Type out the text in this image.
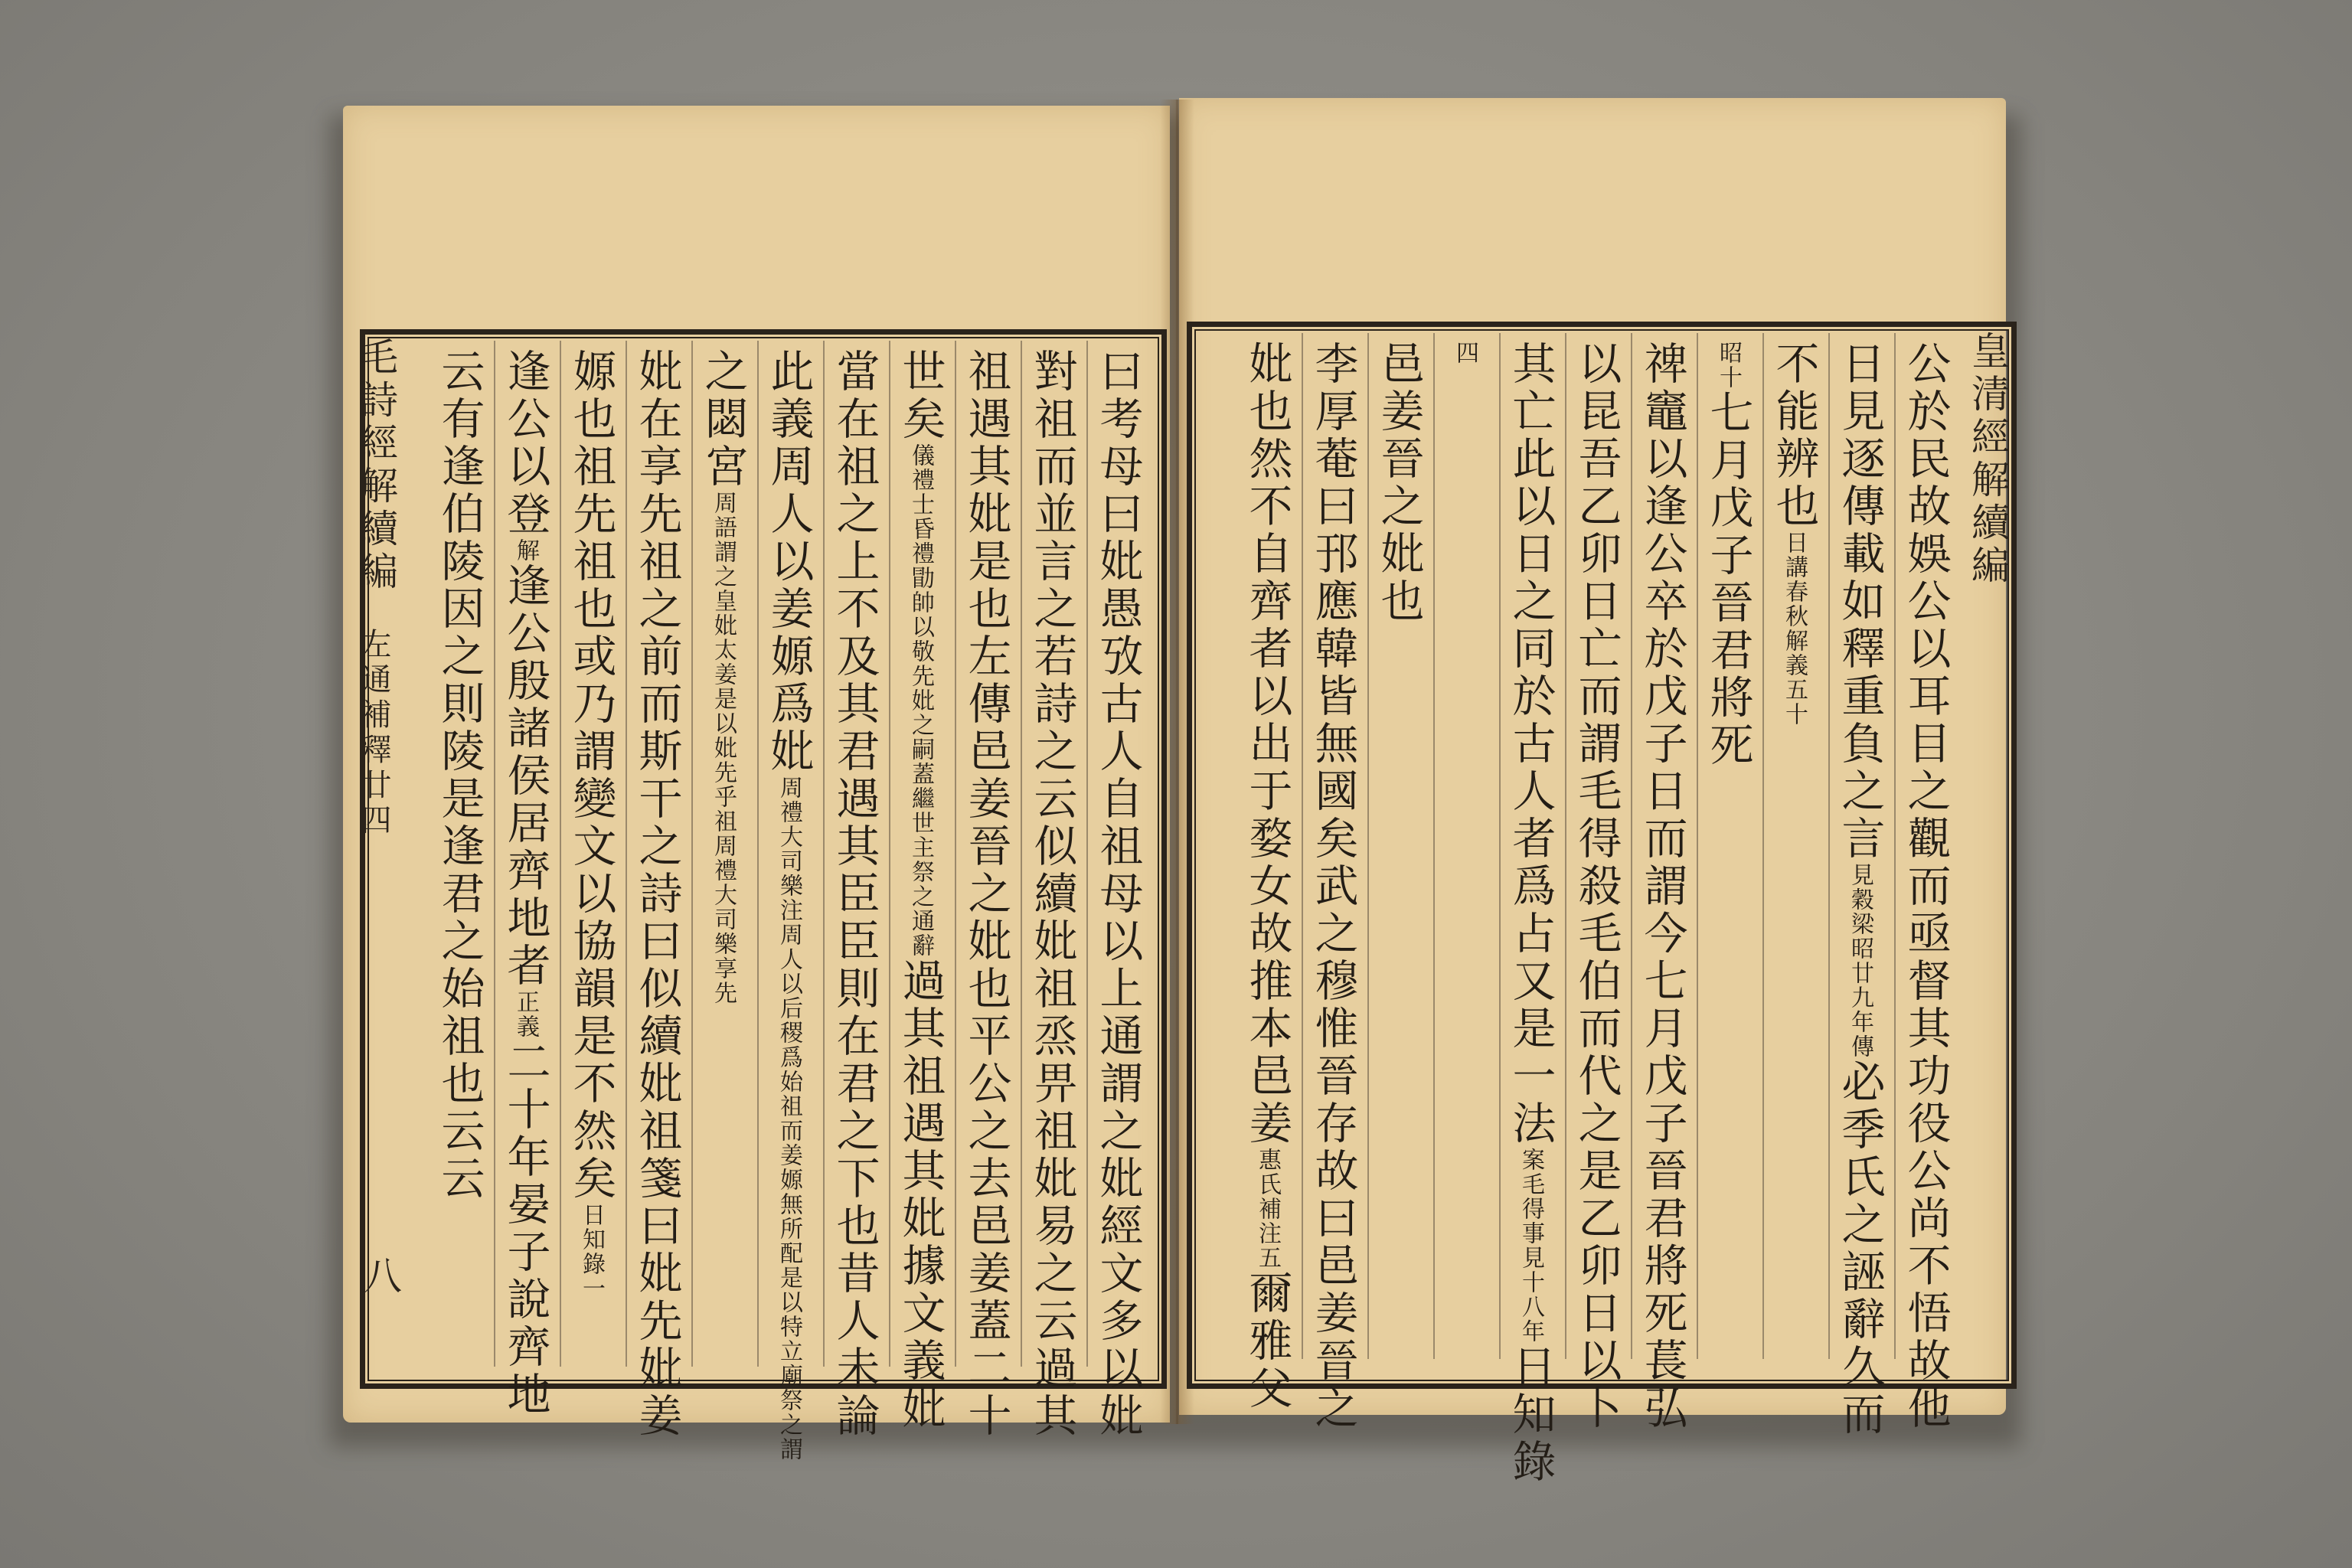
曰考母曰妣愚攷古人自祖母以上通謂之妣經文多以妣
對祖而並言之若詩之云似續妣祖烝畀祖妣易之云過其
祖遇其妣是也左傳邑姜晉之妣也平公之去邑姜蓋二十
世矣儀禮士昏禮勖帥以敬先妣之嗣蓋繼世主祭之通辭過其祖遇其妣據文義妣
當在祖之上不及其君遇其臣臣則在君之下也昔人未論
此義周人以姜嫄爲妣周禮大司樂注周人以后稷爲始祖而姜嫄無所配是以特立廟祭之謂
之閟宮周語謂之皇妣太姜是以妣先乎祖周禮大司樂享先
妣在享先祖之前而斯干之詩曰似續妣祖箋曰妣先妣姜
嫄也祖先祖也或乃謂變文以協韻是不然矣日知錄一
逢公以登解逢公殷諸侯居齊地者正義二十年晏子說齊地
云有逢伯陵因之則陵是逢君之始祖也云云
毛詩經解續編
左通補釋廿四
八	公於民故娛公以耳目之觀而亟督其功役公尚不悟故他
日見逐傳載如釋重負之言見穀梁昭廿九年傳必季氏之誣辭久而
不能辨也日講春秋解義五十
昭十七月戊子晉君將死
禆竈以逢公卒於戊子日而謂今七月戊子晉君將死萇弘
以昆吾乙卯日亡而謂毛得殺毛伯而代之是乙卯日以卜
其亡此以日之同於古人者爲占又是一法案毛得事見十八年日知錄
四
邑姜晉之妣也
李厚菴曰邘應韓皆無國矣武之穆惟晉存故曰邑姜晉之
妣也然不自齊者以出于婺女故推本邑姜惠氏補注五爾雅父
皇清經解續編
